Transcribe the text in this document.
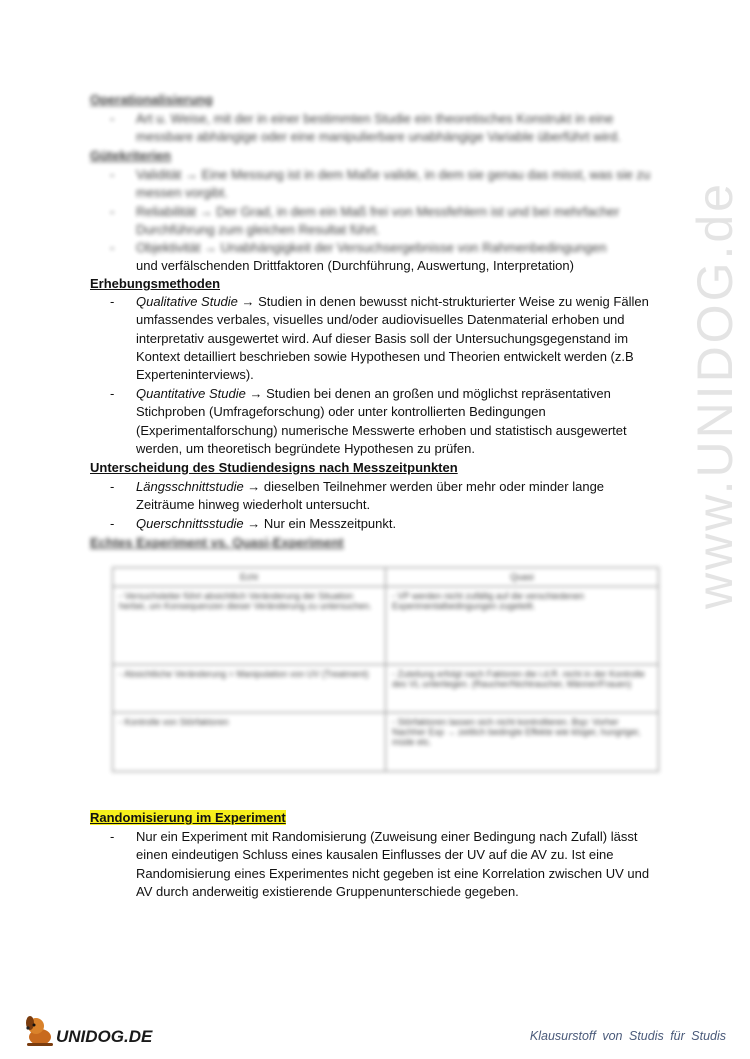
Operationalisierung
- Art u. Weise, mit der in einer bestimmten Studie ein theoretisches Konstrukt in eine messbare abhängige oder eine manipulierbare unabhängige Variable überführt wird.
Gütekriterien
- Validität → Eine Messung ist in dem Maße valide, in dem sie genau das misst, was sie zu messen vorgibt.
- Reliabilität → Der Grad, in dem ein Maß frei von Messfehlern ist und bei mehrfacher Durchführung zum gleichen Resultat führt.
- Objektivität → Unabhängigkeit der Versuchsergebnisse von Rahmenbedingungen
und verfälschenden Drittfaktoren (Durchführung, Auswertung, Interpretation)
Erhebungsmethoden
- Qualitative Studie → Studien in denen bewusst nicht-strukturierter Weise zu wenig Fällen umfassendes verbales, visuelles und/oder audiovisuelles Datenmaterial erhoben und interpretativ ausgewertet wird. Auf dieser Basis soll der Untersuchungsgegenstand im Kontext detailliert beschrieben sowie Hypothesen und Theorien entwickelt werden (z.B Experteninterviews).
- Quantitative Studie → Studien bei denen an großen und möglichst repräsentativen Stichproben (Umfrageforschung) oder unter kontrollierten Bedingungen (Experimentalforschung) numerische Messwerte erhoben und statistisch ausgewertet werden, um theoretisch begründete Hypothesen zu prüfen.
Unterscheidung des Studiendesigns nach Messzeitpunkten
- Längsschnittstudie → dieselben Teilnehmer werden über mehr oder minder lange Zeiträume hinweg wiederholt untersucht.
- Querschnittsstudie → Nur ein Messzeitpunkt.
Echtes Experiment vs. Quasi-Experiment
Echt	Quasi
- Versuchsleiter führt absichtlich Veränderung der Situation herbei, um Konsequenzen dieser Veränderung zu untersuchen.	- VP werden nicht zufällig auf die verschiedenen Experimentalbedingungen zugeteilt.
- Absichtliche Veränderung = Manipulation von UV (Treatment)	- Zuteilung erfolgt nach Faktoren die i.d.R. nicht in der Kontrolle des VL unterliegen. (Raucher/Nichtraucher, Männer/Frauen)
- Kontrolle von Störfaktoren	- Störfaktoren lassen sich nicht kontrollieren. Bsp: Vorher Nachher Exp → zeitlich bedingte Effekte wie klüger, hungriger, müde etc.
Randomisierung im Experiment
- Nur ein Experiment mit Randomisierung (Zuweisung einer Bedingung nach Zufall) lässt einen eindeutigen Schluss eines kausalen Einflusses der UV auf die AV zu. Ist eine Randomisierung eines Experimentes nicht gegeben ist eine Korrelation zwischen UV und AV durch anderweitig existierende Gruppenunterschiede gegeben.
www.UNIDOG.de
UNIDOG.DE	Klausurstoff von Studis für Studis
